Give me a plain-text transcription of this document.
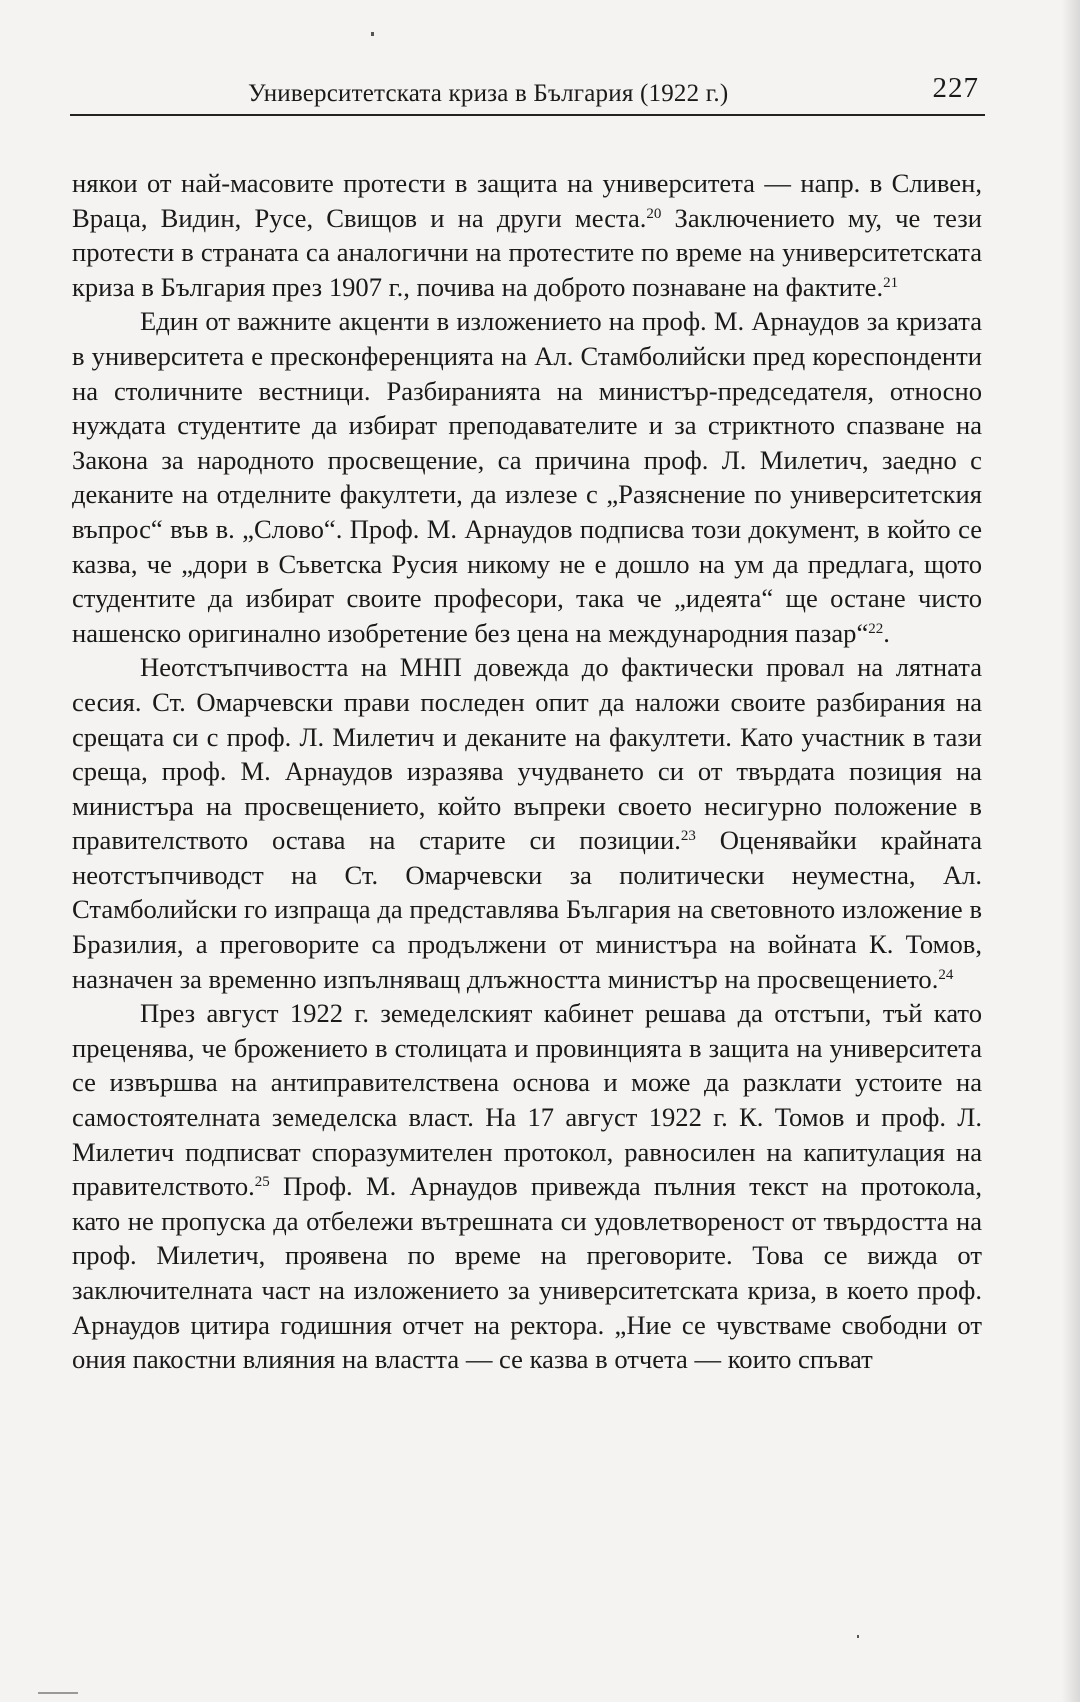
Университетската криза в България (1922 г.)	227

някои от най-масовите протести в защита на университета — напр. в Сливен, Враца, Видин, Русе, Свищов и на други места.$^{20}$ Заключението му, че тези протести в страната са аналогични на протестите по време на университетската криза в България през 1907 г., почива на доброто познаване на фактите.$^{21}$

Един от важните акценти в изложението на проф. М. Арнаудов за кризата в университета е пресконференцията на Ал. Стамболийски пред кореспонденти на столичните вестници. Разбиранията на министър-председателя, относно нуждата студентите да избират преподавателите и за стриктното спазване на Закона за народното просвещение, са причина проф. Л. Милетич, заедно с деканите на отделните факултети, да излезе с „Разяснение по университетския въпрос“ във в. „Слово“. Проф. М. Арнаудов подписва този документ, в който се казва, че „дори в Съветска Русия никому не е дошло на ум да предлага, щото студентите да избират своите професори, така че „идеята“ ще остане чисто нашенско оригинално изобретение без цена на международния пазар“$^{22}$.

Неотстъпчивостта на МНП довежда до фактически провал на лятната сесия. Ст. Омарчевски прави последен опит да наложи своите разбирания на срещата си с проф. Л. Милетич и деканите на факултети. Като участник в тази среща, проф. М. Арнаудов изразява учудването си от твърдата позиция на министъра на просвещението, който въпреки своето несигурно положение в правителството остава на старите си позиции.$^{23}$ Оценявайки крайната неотстъпчиводст на Ст. Омарчевски за политически неуместна, Ал. Стамболийски го изпраща да представлява България на световното изложение в Бразилия, а преговорите са продължени от министъра на войната К. Томов, назначен за временно изпълняващ длъжността министър на просвещението.$^{24}$

През август 1922 г. земеделският кабинет решава да отстъпи, тъй като преценява, че брожението в столицата и провинцията в защита на университета се извършва на антиправителствена основа и може да разклати устоите на самостоятелната земеделска власт. На 17 август 1922 г. К. Томов и проф. Л. Милетич подписват споразумителен протокол, равносилен на капитулация на правителството.$^{25}$ Проф. М. Арнаудов привежда пълния текст на протокола, като не пропуска да отбележи вътрешната си удовлетвореност от твърдостта на проф. Милетич, проявена по време на преговорите. Това се вижда от заключителната част на изложението за университетската криза, в което проф. Арнаудов цитира годишния отчет на ректора. „Ние се чувстваме свободни от ония пакостни влияния на властта — се казва в отчета — които спъват
